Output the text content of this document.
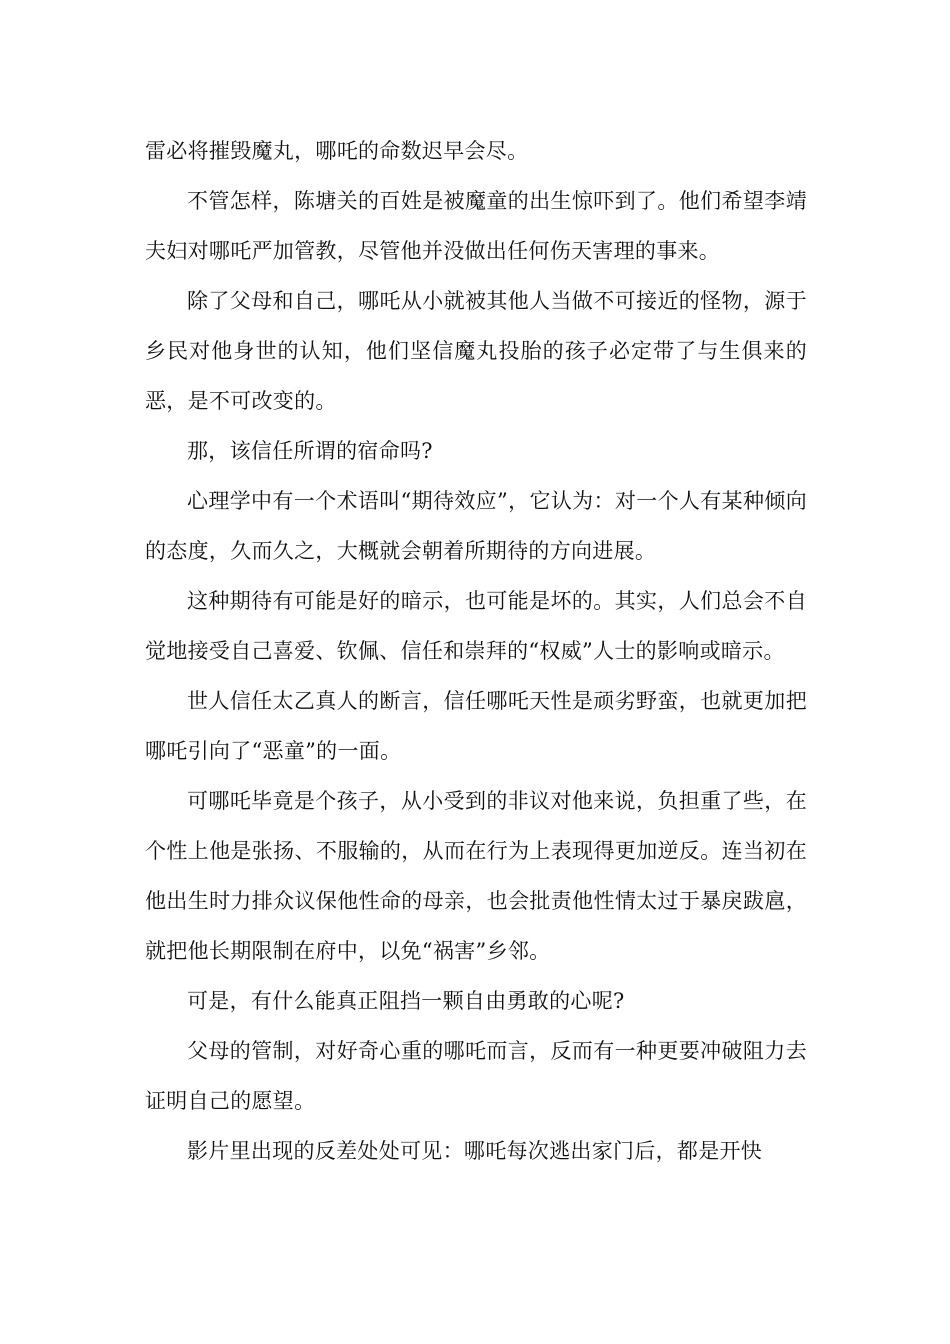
雷必将摧毁魔丸，哪吒的命数迟早会尽。

不管怎样，陈塘关的百姓是被魔童的出生惊吓到了。他们希望李靖夫妇对哪吒严加管教，尽管他并没做出任何伤天害理的事来。

除了父母和自己，哪吒从小就被其他人当做不可接近的怪物，源于乡民对他身世的认知，他们坚信魔丸投胎的孩子必定带了与生俱来的恶，是不可改变的。

那，该信任所谓的宿命吗?

心理学中有一个术语叫“期待效应”，它认为：对一个人有某种倾向的态度，久而久之，大概就会朝着所期待的方向进展。

这种期待有可能是好的暗示，也可能是坏的。其实，人们总会不自觉地接受自己喜爱、钦佩、信任和崇拜的“权威”人士的影响或暗示。

世人信任太乙真人的断言，信任哪吒天性是顽劣野蛮，也就更加把哪吒引向了“恶童”的一面。

可哪吒毕竟是个孩子，从小受到的非议对他来说，负担重了些，在个性上他是张扬、不服输的，从而在行为上表现得更加逆反。连当初在他出生时力排众议保他性命的母亲，也会批责他性情太过于暴戾跋扈，就把他长期限制在府中，以免“祸害”乡邻。

可是，有什么能真正阻挡一颗自由勇敢的心呢?

父母的管制，对好奇心重的哪吒而言，反而有一种更要冲破阻力去证明自己的愿望。

影片里出现的反差处处可见：哪吒每次逃出家门后，都是开快
